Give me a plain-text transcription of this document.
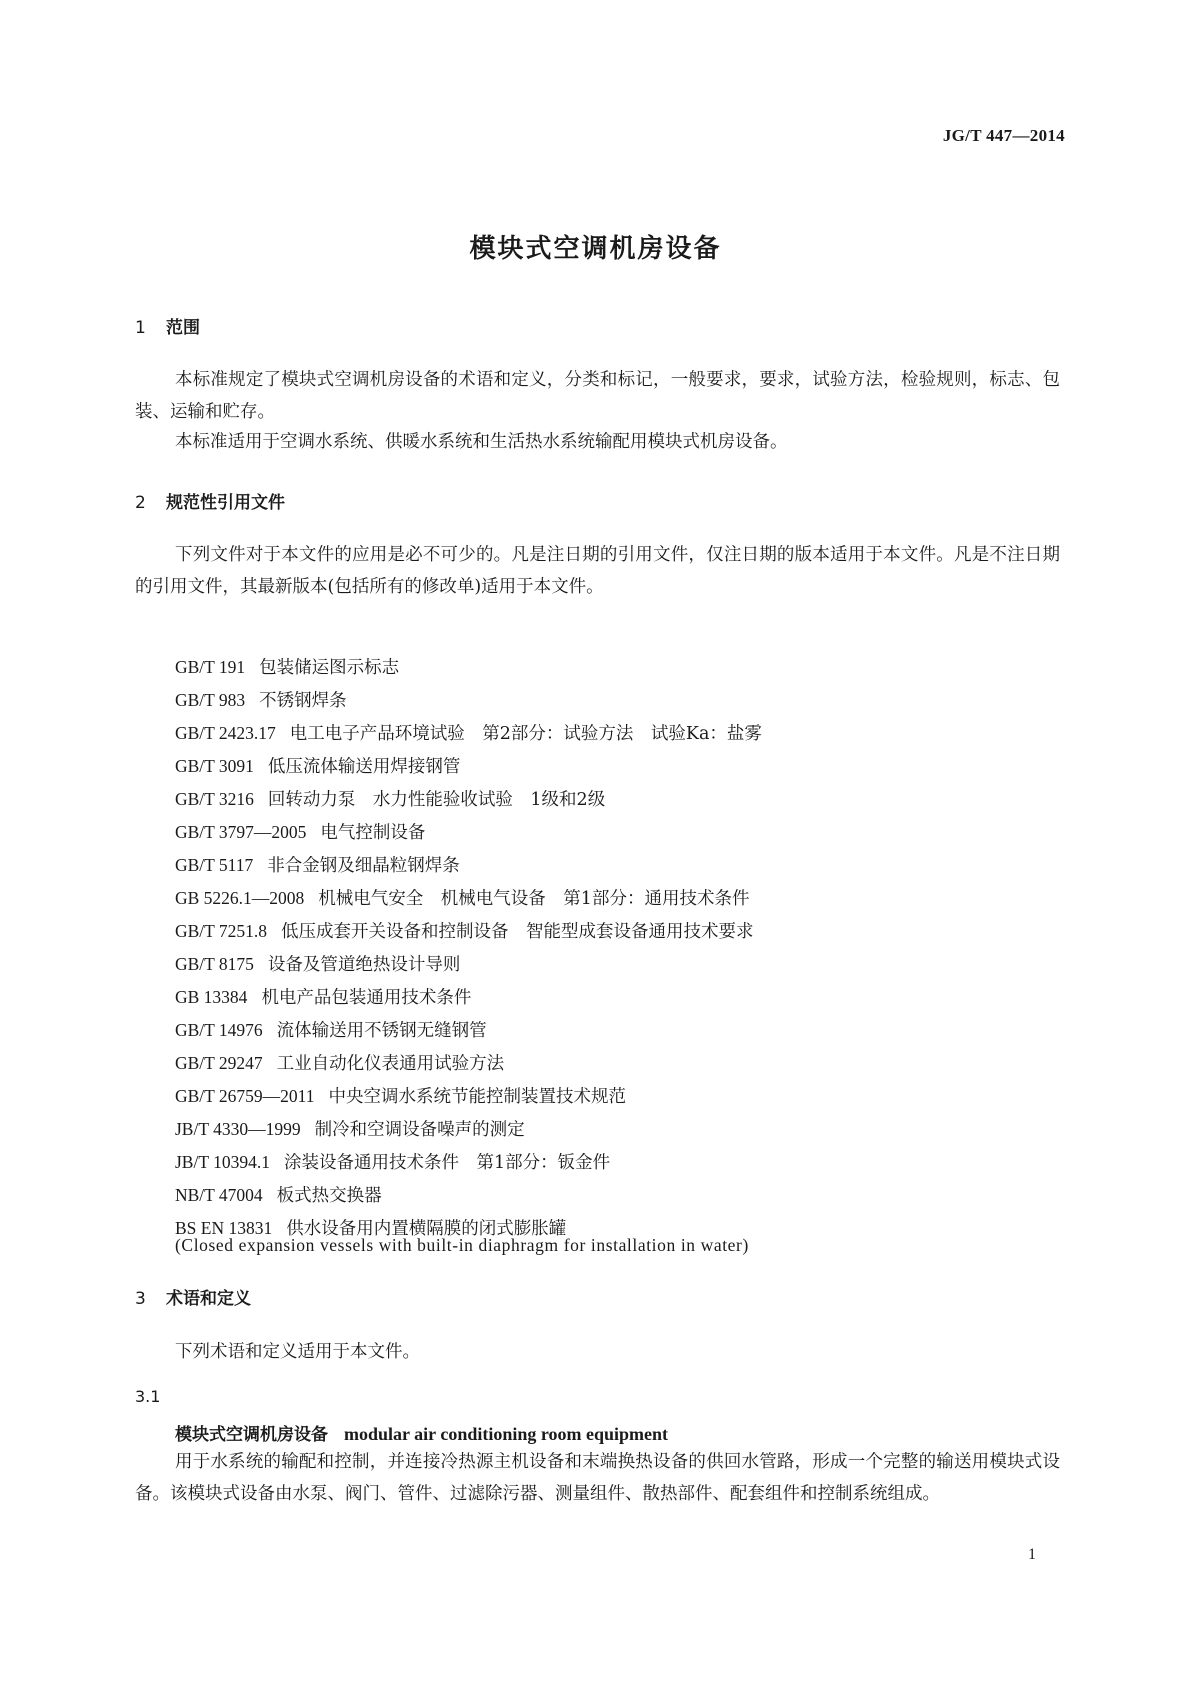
JG/T 447—2014
模块式空调机房设备
1 范围

本标准规定了模块式空调机房设备的术语和定义，分类和标记，一般要求，要求，试验方法，检验规则，标志、包装、运输和贮存。

本标准适用于空调水系统、供暖水系统和生活热水系统输配用模块式机房设备。

2 规范性引用文件

下列文件对于本文件的应用是必不可少的。凡是注日期的引用文件，仅注日期的版本适用于本文件。凡是不注日期的引用文件，其最新版本(包括所有的修改单)适用于本文件。

GB/T 191 包装储运图示标志
GB/T 983 不锈钢焊条
GB/T 2423.17 电工电子产品环境试验　第2部分：试验方法　试验Ka：盐雾
GB/T 3091 低压流体输送用焊接钢管
GB/T 3216 回转动力泵　水力性能验收试验　1级和2级
GB/T 3797—2005 电气控制设备
GB/T 5117 非合金钢及细晶粒钢焊条
GB 5226.1—2008 机械电气安全　机械电气设备　第1部分：通用技术条件
GB/T 7251.8 低压成套开关设备和控制设备　智能型成套设备通用技术要求
GB/T 8175 设备及管道绝热设计导则
GB 13384 机电产品包装通用技术条件
GB/T 14976 流体输送用不锈钢无缝钢管
GB/T 29247 工业自动化仪表通用试验方法
GB/T 26759—2011 中央空调水系统节能控制装置技术规范
JB/T 4330—1999 制冷和空调设备噪声的测定
JB/T 10394.1 涂装设备通用技术条件　第1部分：钣金件
NB/T 47004 板式热交换器
BS EN 13831 供水设备用内置横隔膜的闭式膨胀罐
(Closed expansion vessels with built-in diaphragm for installation in water)
3 术语和定义

下列术语和定义适用于本文件。

3.1
模块式空调机房设备 modular air conditioning room equipment

用于水系统的输配和控制，并连接冷热源主机设备和末端换热设备的供回水管路，形成一个完整的输送用模块式设备。该模块式设备由水泵、阀门、管件、过滤除污器、测量组件、散热部件、配套组件和控制系统组成。

1
